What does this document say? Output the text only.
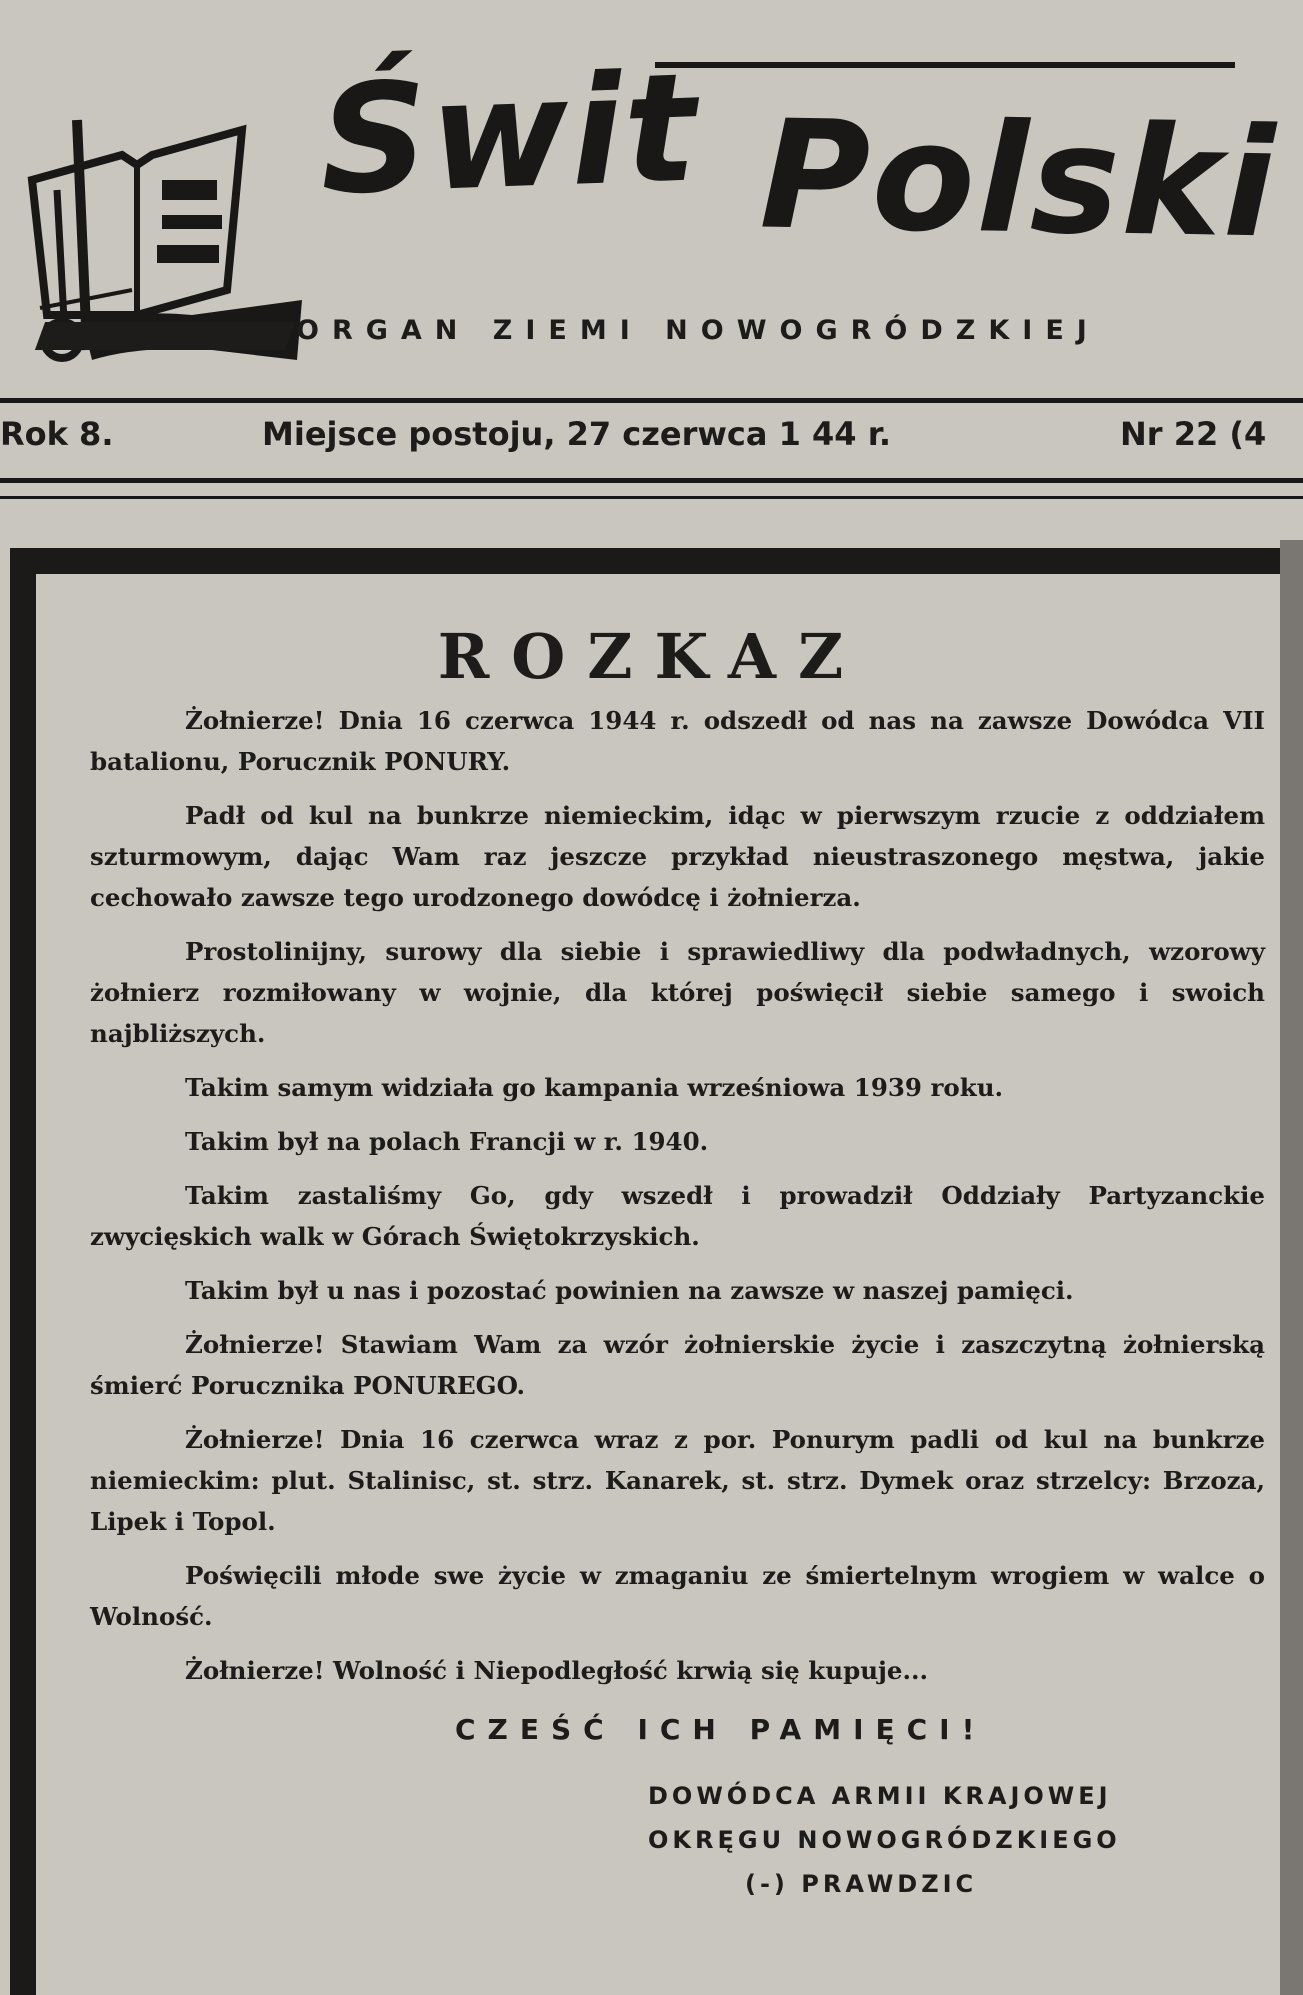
Świt Polski
ORGAN ZIEMI NOWOGRÓDZKIEJ
Rok 8.	Miejsce postoju, 27 czerwca 1 44 r.	Nr 22 (4
ROZKAZ

Żołnierze! Dnia 16 czerwca 1944 r. odszedł od nas na zawsze Dowódca VII batalionu, Porucznik PONURY.

Padł od kul na bunkrze niemieckim, idąc w pierwszym rzucie z oddziałem szturmowym, dając Wam raz jeszcze przykład nieustraszonego męstwa, jakie cechowało zawsze tego urodzonego dowódcę i żołnierza.

Prostolinijny, surowy dla siebie i sprawiedliwy dla podwładnych, wzorowy żołnierz rozmiłowany w wojnie, dla której poświęcił siebie samego i swoich najbliższych.

Takim samym widziała go kampania wrześniowa 1939 roku.

Takim był na polach Francji w r. 1940.

Takim zastaliśmy Go, gdy wszedł i prowadził Oddziały Partyzanckie zwycięskich walk w Górach Świętokrzyskich.

Takim był u nas i pozostać powinien na zawsze w naszej pamięci.

Żołnierze! Stawiam Wam za wzór żołnierskie życie i zaszczytną żołnierską śmierć Porucznika PONUREGO.

Żołnierze! Dnia 16 czerwca wraz z por. Ponurym padli od kul na bunkrze niemieckim: plut. Stalinisc, st. strz. Kanarek, st. strz. Dymek oraz strzelcy: Brzoza, Lipek i Topol.

Poświęcili młode swe życie w zmaganiu ze śmiertelnym wrogiem w walce o Wolność.

Żołnierze! Wolność i Niepodległość krwią się kupuje...

CZEŚĆ ICH PAMIĘCI!
DOWÓDCA ARMII KRAJOWEJ
OKRĘGU NOWOGRÓDZKIEGO
(-) PRAWDZIC
